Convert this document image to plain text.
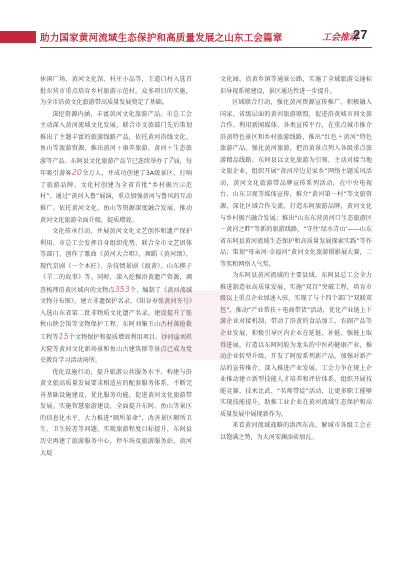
助力国家黄河流域生态保护和高质量发展之山东工会篇章	工会推动
27

休闲广场、黄河文化馆、村庄小品等，王道口村入选首批东营市重点培育乡村旅游示范村。众多项目的实施，为全市沿黄文化旅游带高质量发展奠定了基础。

深挖资源内涵，丰富黄河文化旅游产品。市总工会主动深入黄河流域文化发展，联合市文旅部门先后策划推出了主题丰富的旅游线路产品，依托黄河沿线文化、鱼山等旅游资源，推出黄河＋康养旅游、黄河＋生态旅游等产品。东阿县文化旅游产品节已连续举办了7届，每年吸引游客20余万人，并成功创建了3A级景区，打响了旅游品牌。文化村创建为全省首批“乡村振兴示范村”。通过“黄河入鲁”展演，重点加强黄河与鲁风的互动推广。依托黄河文化、鱼山等资源深度融合发展，推动黄河文化旅游全面升级，提质增效。

文化传承行动，并展黄河文化文艺创作和遗产保护利用。市总工会发挥自身组织优势，联合全市文艺团体等部门，创作了歌曲《黄河大合唱》、舞蹈《黄河颂》、现代京剧《一个木匠》、杂技情景剧《渡黄》、山东梆子《羊二的故事》等。同时，深入挖掘沿黄遗产资源，调查梳理沿黄区域内的文物点353个，编制了《黄河流域文物分布图》，建立非遗保护名录，《阳谷寿张黄河夯号》入选山东省第二批非物质文化遗产名录。建设提升了张秋山陕会馆等文物保护工程，东阿刘集玉山古村落抢救工程等15个文物保护和提质增效利用项目。沙河崖刘玖大院等黄河文化新场景和鱼山古建筑群等景点已成为党史教育学习活动场所。

优化设施行动，提升旅游公共服务水平。构建与沿黄文旅高质量发展要求相适应的配套服务体系，不断完善基础设施建设，优化服务功能，促进黄河文化旅游带发展。实施智慧旅游建设，全面提升东阿、鱼山等景区的信息化水平，大力推进“厕所革命”，改善景区厕所卫生、卫生较差等问题，实现旅游程度目标提升，东阿县历史再建了旅游服务中心，停车场及旅游服务站，黄河大堤

文化园、沿黄乡镇等通景公路，实施了全域旅游交通标识导视系统建设，景区通达性进一步提升。

区域联合行动，强化黄河资源宣传推广。积极融入国家、省级层面的黄河旅游联盟，促进沿黄城市间文旅合作。利用新闻媒体、各类宣传平台，在重点城市推介沿黄特色景区和乡村旅游线路，推出“红色＋黄河”特色旅游产品。强化黄河旅游，把沿黄景点列入各级重点旅游精品线路。东阿县以文化旅游为引领，主动对接当地文旅企业，组织开展“黄河岸边是家乡”网络主题采风活动，黄河文化旅游带品牌宣传系列活动，在中央电视台、山东卫视等媒体宣传，推介“黄河第一村”等文旅资源，深化区域合作交流，打造东阿旅游品牌，黄河文化与乡村振兴融合发展；推出“山东东营黄河口生态旅游区－黄河之畔”等新的旅游线路，“守住‘绿水青山’——山东省东阿县黄河流域生态保护和高质量发展探索实践”等作品；策划“母亲河·幸福河”黄河文化旅游摄影展大赛，二等奖和网络人气奖。

为东阿县黄河流域的主要县域，东阿县总工会全力推进制造业高质量发展，实施“双百”突破工程，培育市级以上重点企业加速入驻，实现了与十四个部门“双联双包”，推动“产业帮扶＋电商带货”活动，优化产业链上下游企业对接机制，带动了沿黄的食品加工、农副产品等企业发展，积极引导区内企业在延链、补链、强链上取得进展，打造以东阿阿胶为龙头的中医药健康产业，推动企业转型升级，开发了阿胶系列新产品，加强对新产品的宣传推介，深入推进产业发展。工会力争在规上企业推动建立新型技能人才培养和评价体系，组织开展技能竞赛、技术比武、“名师带徒”活动，让更多职工能够实现技能提升，助推工业企业在黄河流域生态保护和高质量发展中展现新作为。

来看黄河流域战略的洪西东高，解城市各级工会正以饱满之势，为大河安澜添砖加瓦。
